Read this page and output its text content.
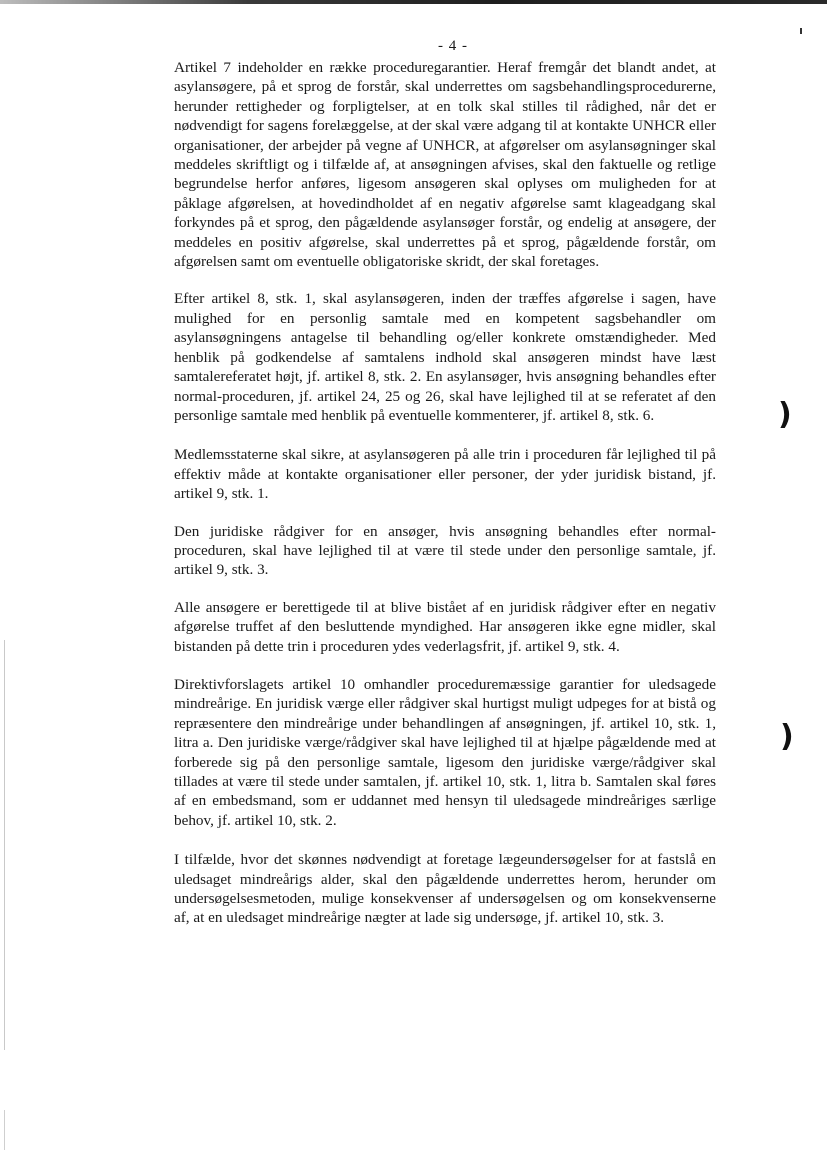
)
)
- 4 -

Artikel 7 indeholder en række proceduregarantier. Heraf fremgår det blandt andet, at asylansøgere, på et sprog de forstår, skal underrettes om sagsbehandlingsprocedurerne, herunder rettigheder og forpligtelser, at en tolk skal stilles til rådighed, når det er nødvendigt for sagens forelæggelse, at der skal være adgang til at kontakte UNHCR eller organisationer, der arbejder på vegne af UNHCR, at afgørelser om asylansøgninger skal meddeles skriftligt og i tilfælde af, at ansøgningen afvises, skal den faktuelle og retlige begrundelse herfor anføres, ligesom ansøgeren skal oplyses om muligheden for at påklage afgørelsen, at hovedindholdet af en negativ afgørelse samt klageadgang skal forkyndes på et sprog, den pågældende asylansøger forstår, og endelig at ansøgere, der meddeles en positiv afgørelse, skal underrettes på et sprog, pågældende forstår, om afgørelsen samt om eventuelle obligatoriske skridt, der skal foretages.

Efter artikel 8, stk. 1, skal asylansøgeren, inden der træffes afgørelse i sagen, have mulighed for en personlig samtale med en kompetent sagsbehandler om asylansøgningens antagelse til behandling og/eller konkrete omstændigheder. Med henblik på godkendelse af samtalens indhold skal ansøgeren mindst have læst samtalereferatet højt, jf. artikel 8, stk. 2. En asylansøger, hvis ansøgning behandles efter normal-proceduren, jf. artikel 24, 25 og 26, skal have lejlighed til at se referatet af den personlige samtale med henblik på eventuelle kommenterer, jf. artikel 8, stk. 6.

Medlemsstaterne skal sikre, at asylansøgeren på alle trin i proceduren får lejlighed til på effektiv måde at kontakte organisationer eller personer, der yder juridisk bistand, jf. artikel 9, stk. 1.

Den juridiske rådgiver for en ansøger, hvis ansøgning behandles efter normal-proceduren, skal have lejlighed til at være til stede under den personlige samtale, jf. artikel 9, stk. 3.

Alle ansøgere er berettigede til at blive bistået af en juridisk rådgiver efter en negativ afgørelse truffet af den besluttende myndighed. Har ansøgeren ikke egne midler, skal bistanden på dette trin i proceduren ydes vederlagsfrit, jf. artikel 9, stk. 4.

Direktivforslagets artikel 10 omhandler proceduremæssige garantier for uledsagede mindreårige. En juridisk værge eller rådgiver skal hurtigst muligt udpeges for at bistå og repræsentere den mindreårige under behandlingen af ansøgningen, jf. artikel 10, stk. 1, litra a. Den juridiske værge/rådgiver skal have lejlighed til at hjælpe pågældende med at forberede sig på den personlige samtale, ligesom den juridiske værge/rådgiver skal tillades at være til stede under samtalen, jf. artikel 10, stk. 1, litra b. Samtalen skal føres af en embedsmand, som er uddannet med hensyn til uledsagede mindreåriges særlige behov, jf. artikel 10, stk. 2.

I tilfælde, hvor det skønnes nødvendigt at foretage lægeundersøgelser for at fastslå en uledsaget mindreårigs alder, skal den pågældende underrettes herom, herunder om undersøgelsesmetoden, mulige konsekvenser af undersøgelsen og om konsekvenserne af, at en uledsaget mindreårige nægter at lade sig undersøge, jf. artikel 10, stk. 3.
